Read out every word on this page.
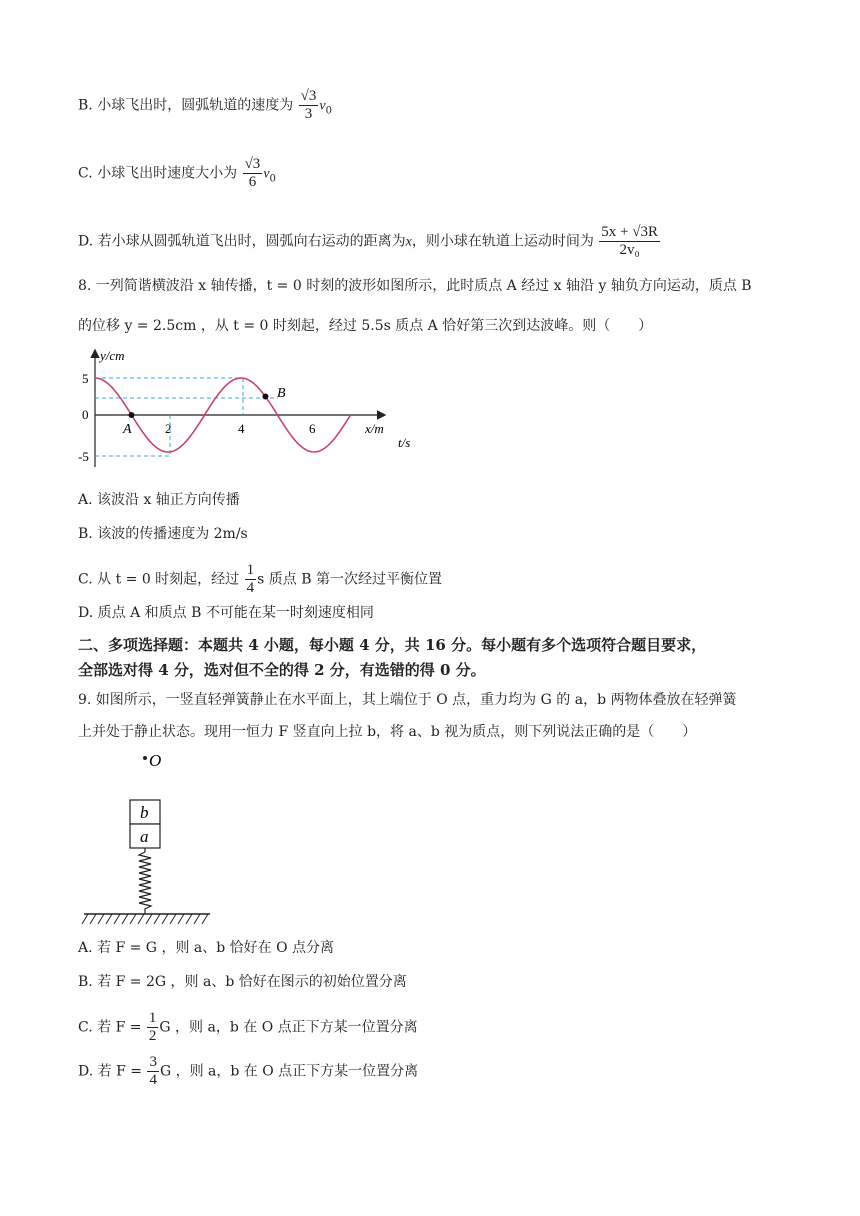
B. 小球飞出时，圆弧轨道的速度为 $\frac{√3}{3} v_0$
C. 小球飞出时速度大小为 $\frac{√3}{6} v_0$
D. 若小球从圆弧轨道飞出时，圆弧向右运动的距离为x，则小球在轨道上运动时间为 $\frac{5x + √3R}{\text{2v₀}}$
8. 一列简谐横波沿 x 轴传播，t = 0 时刻的波形如图所示，此时质点 A 经过 x 轴沿 y 轴负方向运动，质点 B
的位移 y = 2.5cm ，从 t = 0 时刻起，经过 5.5s 质点 A 恰好第三次到达波峰。则（　　）
y/cm
x/m
t/s
5
0
-5
2	4	6
A
B
A. 该波沿 x 轴正方向传播
B. 该波的传播速度为 2m/s
C. 从 t = 0 时刻起，经过 $\frac{1}{4}$ s 质点 B 第一次经过平衡位置
D. 质点 A 和质点 B 不可能在某一时刻速度相同
二、多项选择题：本题共 4 小题，每小题 4 分，共 16 分。每小题有多个选项符合题目要求，
全部选对得 4 分，选对但不全的得 2 分，有选错的得 0 分。
9. 如图所示，一竖直轻弹簧静止在水平面上，其上端位于 O 点，重力均为 G 的 a，b 两物体叠放在轻弹簧
上并处于静止状态。现用一恒力 F 竖直向上拉 b，将 a、b 视为质点，则下列说法正确的是（　　）
O
b
a
A. 若 F = G ，则 a、b 恰好在 O 点分离
B. 若 F = 2G ，则 a、b 恰好在图示的初始位置分离
C. 若 $F = \frac{1}{2}$ G ，则 a，b 在 O 点正下方某一位置分离
D. 若 $F = \frac{3}{4}$ G ，则 a，b 在 O 点正下方某一位置分离
